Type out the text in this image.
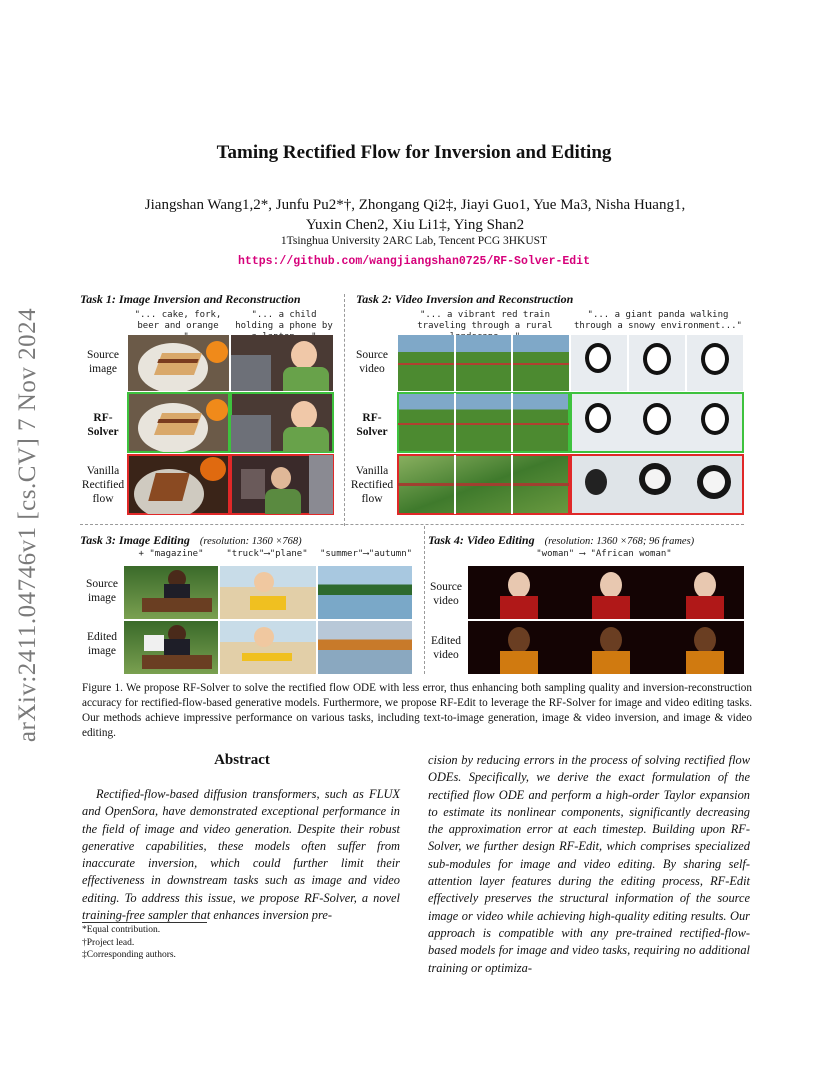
arXiv:2411.04746v1 [cs.CV] 7 Nov 2024
Taming Rectified Flow for Inversion and Editing
Jiangshan Wang1,2*, Junfu Pu2*†, Zhongang Qi2‡, Jiayi Guo1, Yue Ma3, Nisha Huang1,
Yuxin Chen2, Xiu Li1‡, Ying Shan2
1Tsinghua University 2ARC Lab, Tencent PCG 3HKUST
https://github.com/wangjiangshan0725/RF-Solver-Edit
Task 1: Image Inversion and Reconstruction	Task 2: Video Inversion and Reconstruction
"... cake, fork, beer and orange
"... a child holding a phone by
"... a vibrant red train traveling through a rural
"... a giant panda walking through a snowy environment..."
Source image
RF-Solver
Vanilla Rectified flow
Source video
RF-Solver
Vanilla Rectified flow
Task 3: Image Editing (resolution: 1360 ×768)
+ "magazine"	"truck"⟶"plane"	"summer"⟶"autumn"
Source image
Edited image
Task 4: Video Editing (resolution: 1360 ×768; 96 frames)
"woman" ⟶ "African woman"
Source video
Edited video
Figure 1. We propose RF-Solver to solve the rectified flow ODE with less error, thus enhancing both sampling quality and inversion-reconstruction accuracy for rectified-flow-based generative models. Furthermore, we propose RF-Edit to leverage the RF-Solver for image and video editing tasks. Our methods achieve impressive performance on various tasks, including text-to-image generation, image & video inversion, and image & video editing.
Abstract
Rectified-flow-based diffusion transformers, such as FLUX and OpenSora, have demonstrated exceptional performance in the field of image and video generation. Despite their robust generative capabilities, these models often suffer from inaccurate inversion, which could further limit their effectiveness in downstream tasks such as image and video editing. To address this issue, we propose RF-Solver, a novel training-free sampler that enhances inversion pre-
cision by reducing errors in the process of solving rectified flow ODEs. Specifically, we derive the exact formulation of the rectified flow ODE and perform a high-order Taylor expansion to estimate its nonlinear components, significantly decreasing the approximation error at each timestep. Building upon RF-Solver, we further design RF-Edit, which comprises specialized sub-modules for image and video editing. By sharing self-attention layer features during the editing process, RF-Edit effectively preserves the structural information of the source image or video while achieving high-quality editing results. Our approach is compatible with any pre-trained rectified-flow-based models for image and video tasks, requiring no additional training or optimiza-
*Equal contribution.
†Project lead.
‡Corresponding authors.
